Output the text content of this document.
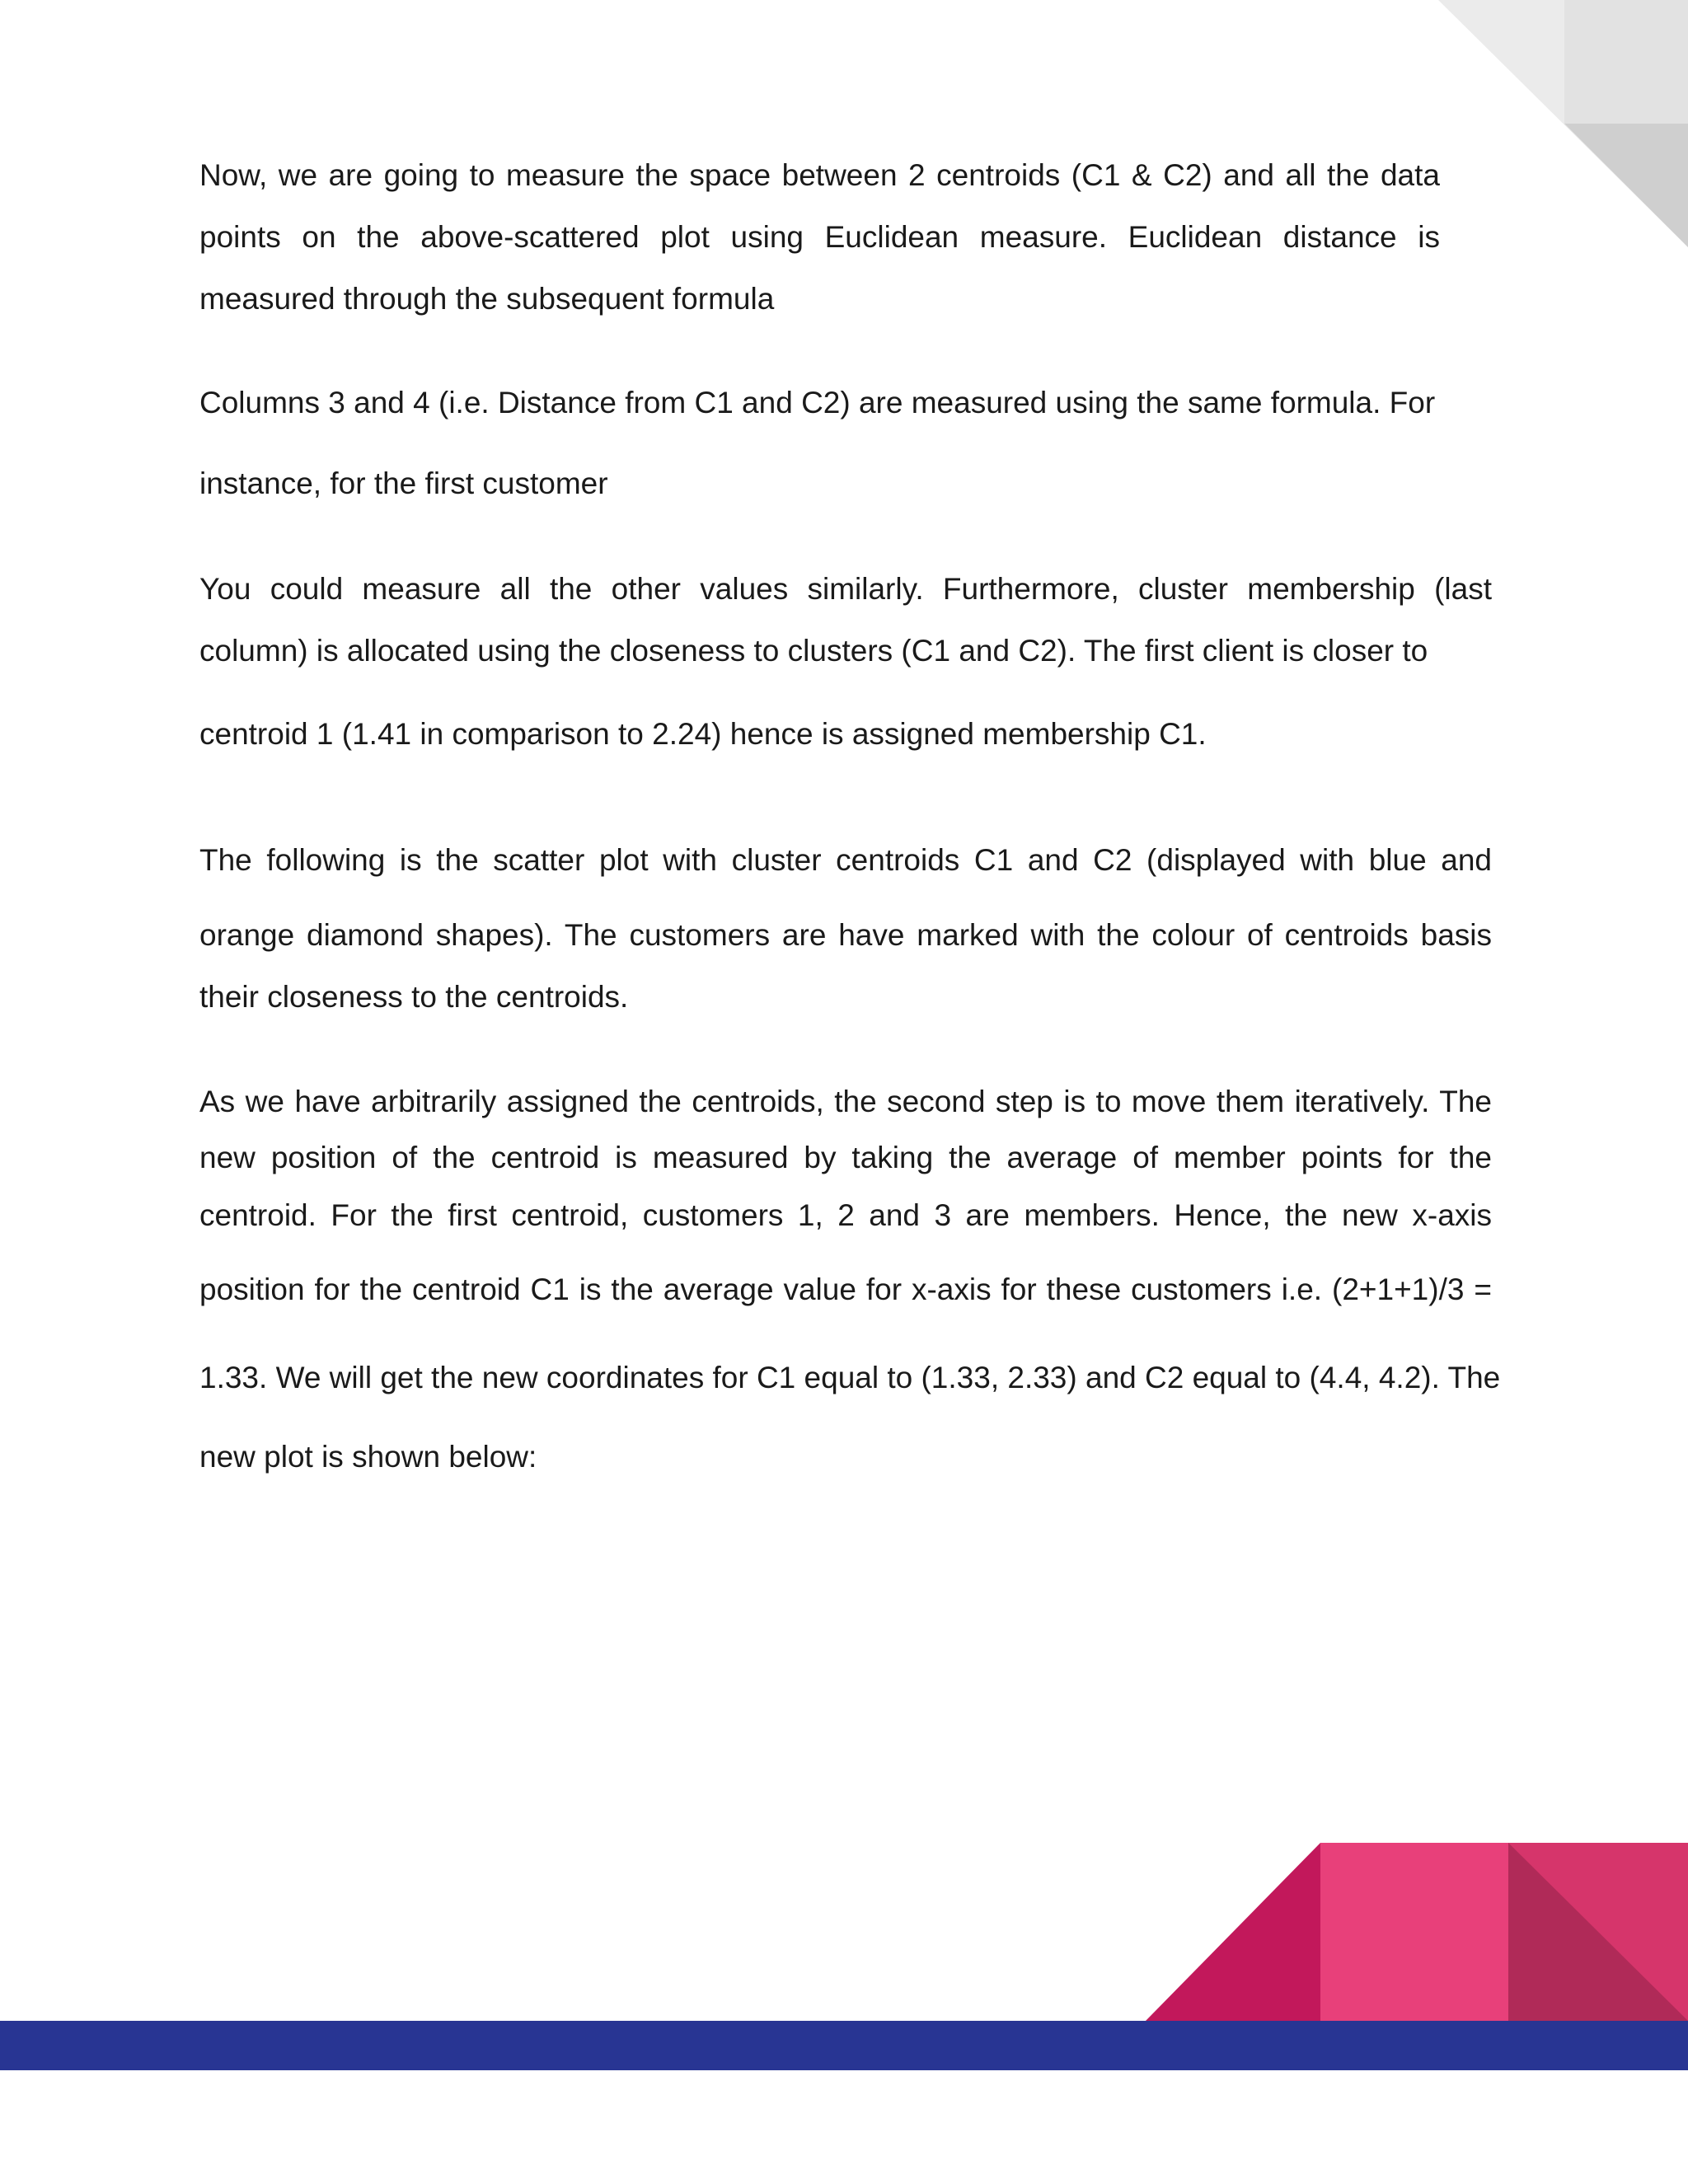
Now, we are going to measure the space between 2 centroids (C1 & C2) and all the data
points on the above-scattered plot using Euclidean measure. Euclidean distance is
measured through the subsequent formula
Columns 3 and 4 (i.e. Distance from C1 and C2) are measured using the same formula. For
instance, for the first customer
You could measure all the other values similarly. Furthermore, cluster membership (last
column) is allocated using the closeness to clusters (C1 and C2). The first client is closer to
centroid 1 (1.41 in comparison to 2.24) hence is assigned membership C1.
The following is the scatter plot with cluster centroids C1 and C2 (displayed with blue and
orange diamond shapes). The customers are have marked with the colour of centroids basis
their closeness to the centroids.
As we have arbitrarily assigned the centroids, the second step is to move them iteratively. The
new position of the centroid is measured by taking the average of member points for the
centroid. For the first centroid, customers 1, 2 and 3 are members. Hence, the new x-axis
position for the centroid C1 is the average value for x-axis for these customers i.e. (2+1+1)/3 =
1.33. We will get the new coordinates for C1 equal to (1.33, 2.33) and C2 equal to (4.4, 4.2). The
new plot is shown below:
